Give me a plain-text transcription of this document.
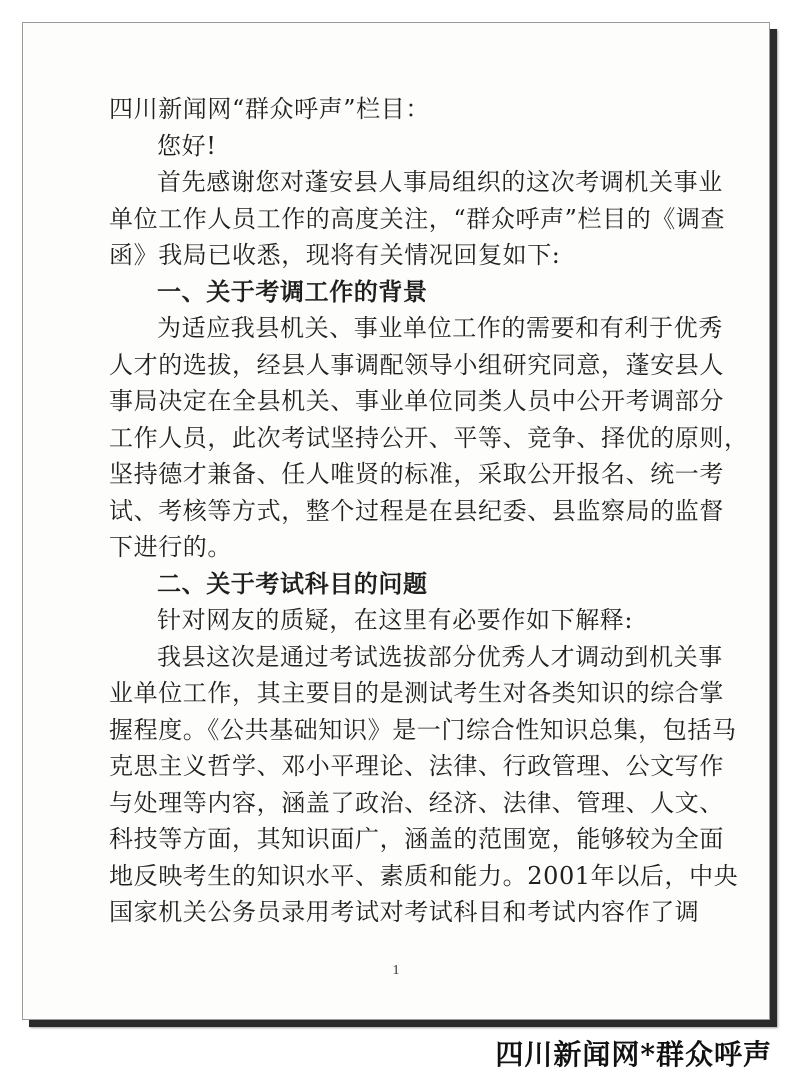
四川新闻网“群众呼声”栏目：
您好!
首先感谢您对蓬安县人事局组织的这次考调机关事业
单位工作人员工作的高度关注，“群众呼声”栏目的《调查
函》我局已收悉，现将有关情况回复如下:
一、关于考调工作的背景
为适应我县机关、事业单位工作的需要和有利于优秀
人才的选拔，经县人事调配领导小组研究同意，蓬安县人
事局决定在全县机关、事业单位同类人员中公开考调部分
工作人员，此次考试坚持公开、平等、竞争、择优的原则，
坚持德才兼备、任人唯贤的标准，采取公开报名、统一考
试、考核等方式，整个过程是在县纪委、县监察局的监督
下进行的。
二、关于考试科目的问题
针对网友的质疑，在这里有必要作如下解释:
我县这次是通过考试选拔部分优秀人才调动到机关事
业单位工作，其主要目的是测试考生对各类知识的综合掌
握程度。《公共基础知识》是一门综合性知识总集，包括马
克思主义哲学、邓小平理论、法律、行政管理、公文写作
与处理等内容，涵盖了政治、经济、法律、管理、人文、
科技等方面，其知识面广，涵盖的范围宽，能够较为全面
地反映考生的知识水平、素质和能力。2001年以后，中央
国家机关公务员录用考试对考试科目和考试内容作了调
1
四川新闻网*群众呼声
